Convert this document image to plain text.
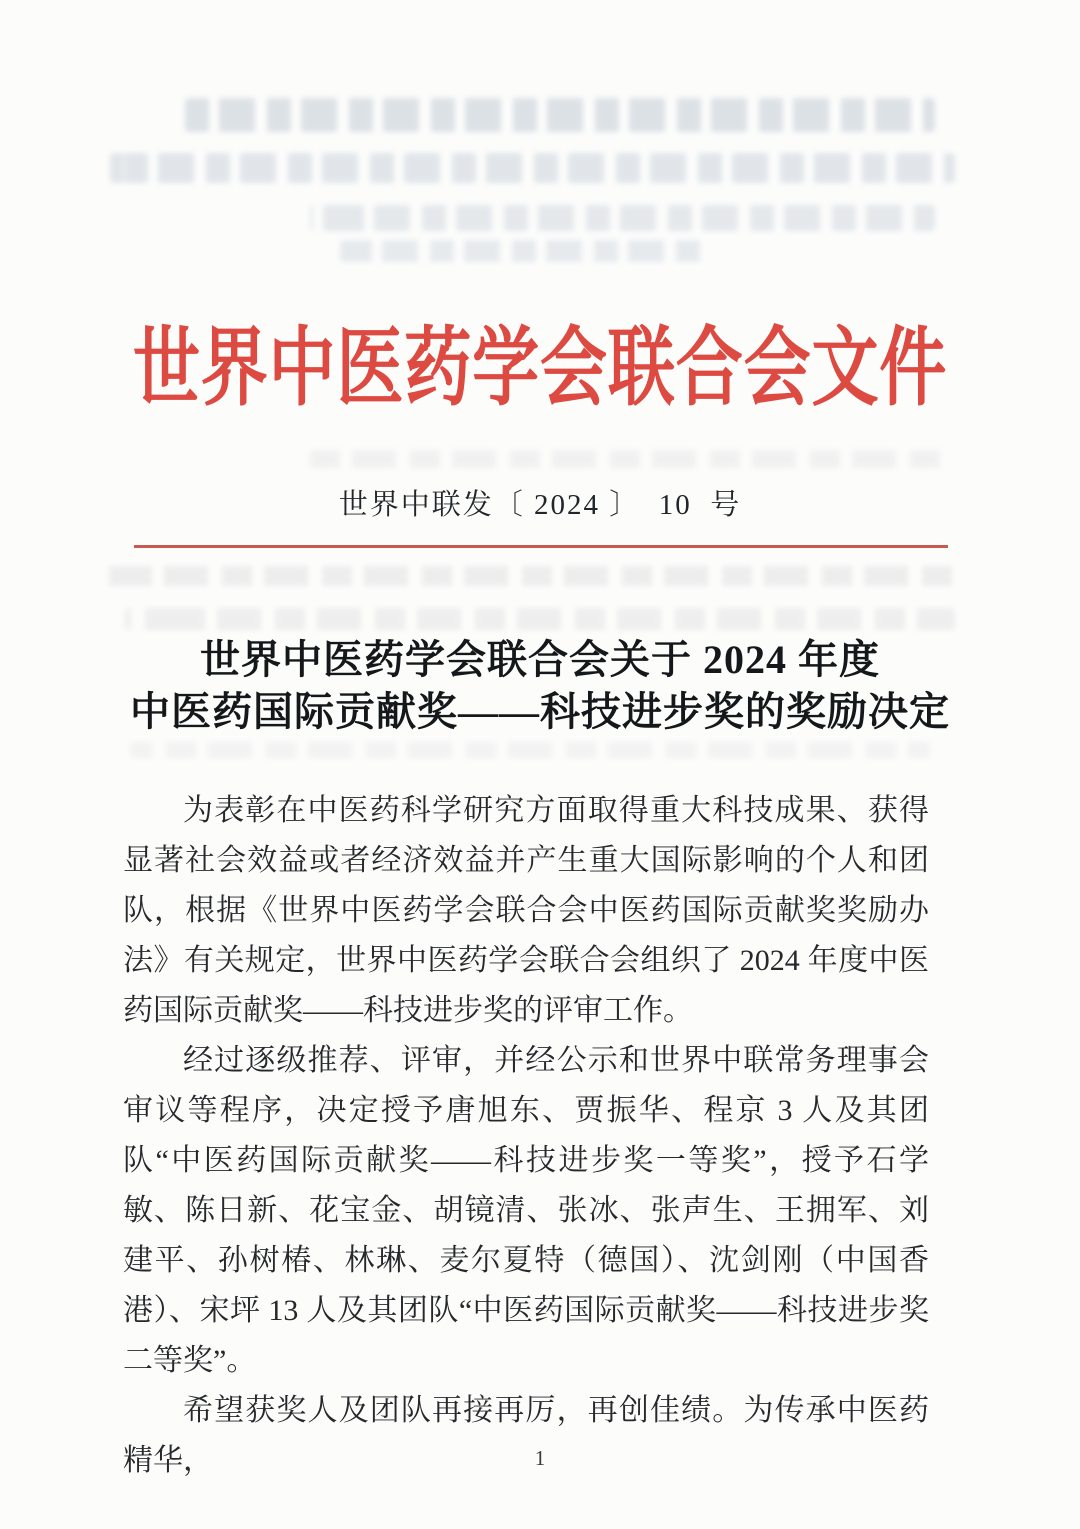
世界中医药学会联合会文件
世界中联发〔 2024 〕  10  号
世界中医药学会联合会关于 2024 年度
中医药国际贡献奖——科技进步奖的奖励决定

为表彰在中医药科学研究方面取得重大科技成果、获得显著社会效益或者经济效益并产生重大国际影响的个人和团队，根据《世界中医药学会联合会中医药国际贡献奖奖励办法》有关规定，世界中医药学会联合会组织了 2024 年度中医药国际贡献奖——科技进步奖的评审工作。

经过逐级推荐、评审，并经公示和世界中联常务理事会审议等程序，决定授予唐旭东、贾振华、程京 3 人及其团队“中医药国际贡献奖——科技进步奖一等奖”，授予石学敏、陈日新、花宝金、胡镜清、张冰、张声生、王拥军、刘建平、孙树椿、林琳、麦尔夏特（德国）、沈剑刚（中国香港）、宋坪 13 人及其团队“中医药国际贡献奖——科技进步奖二等奖”。

希望获奖人及团队再接再厉，再创佳绩。为传承中医药精华，	1
